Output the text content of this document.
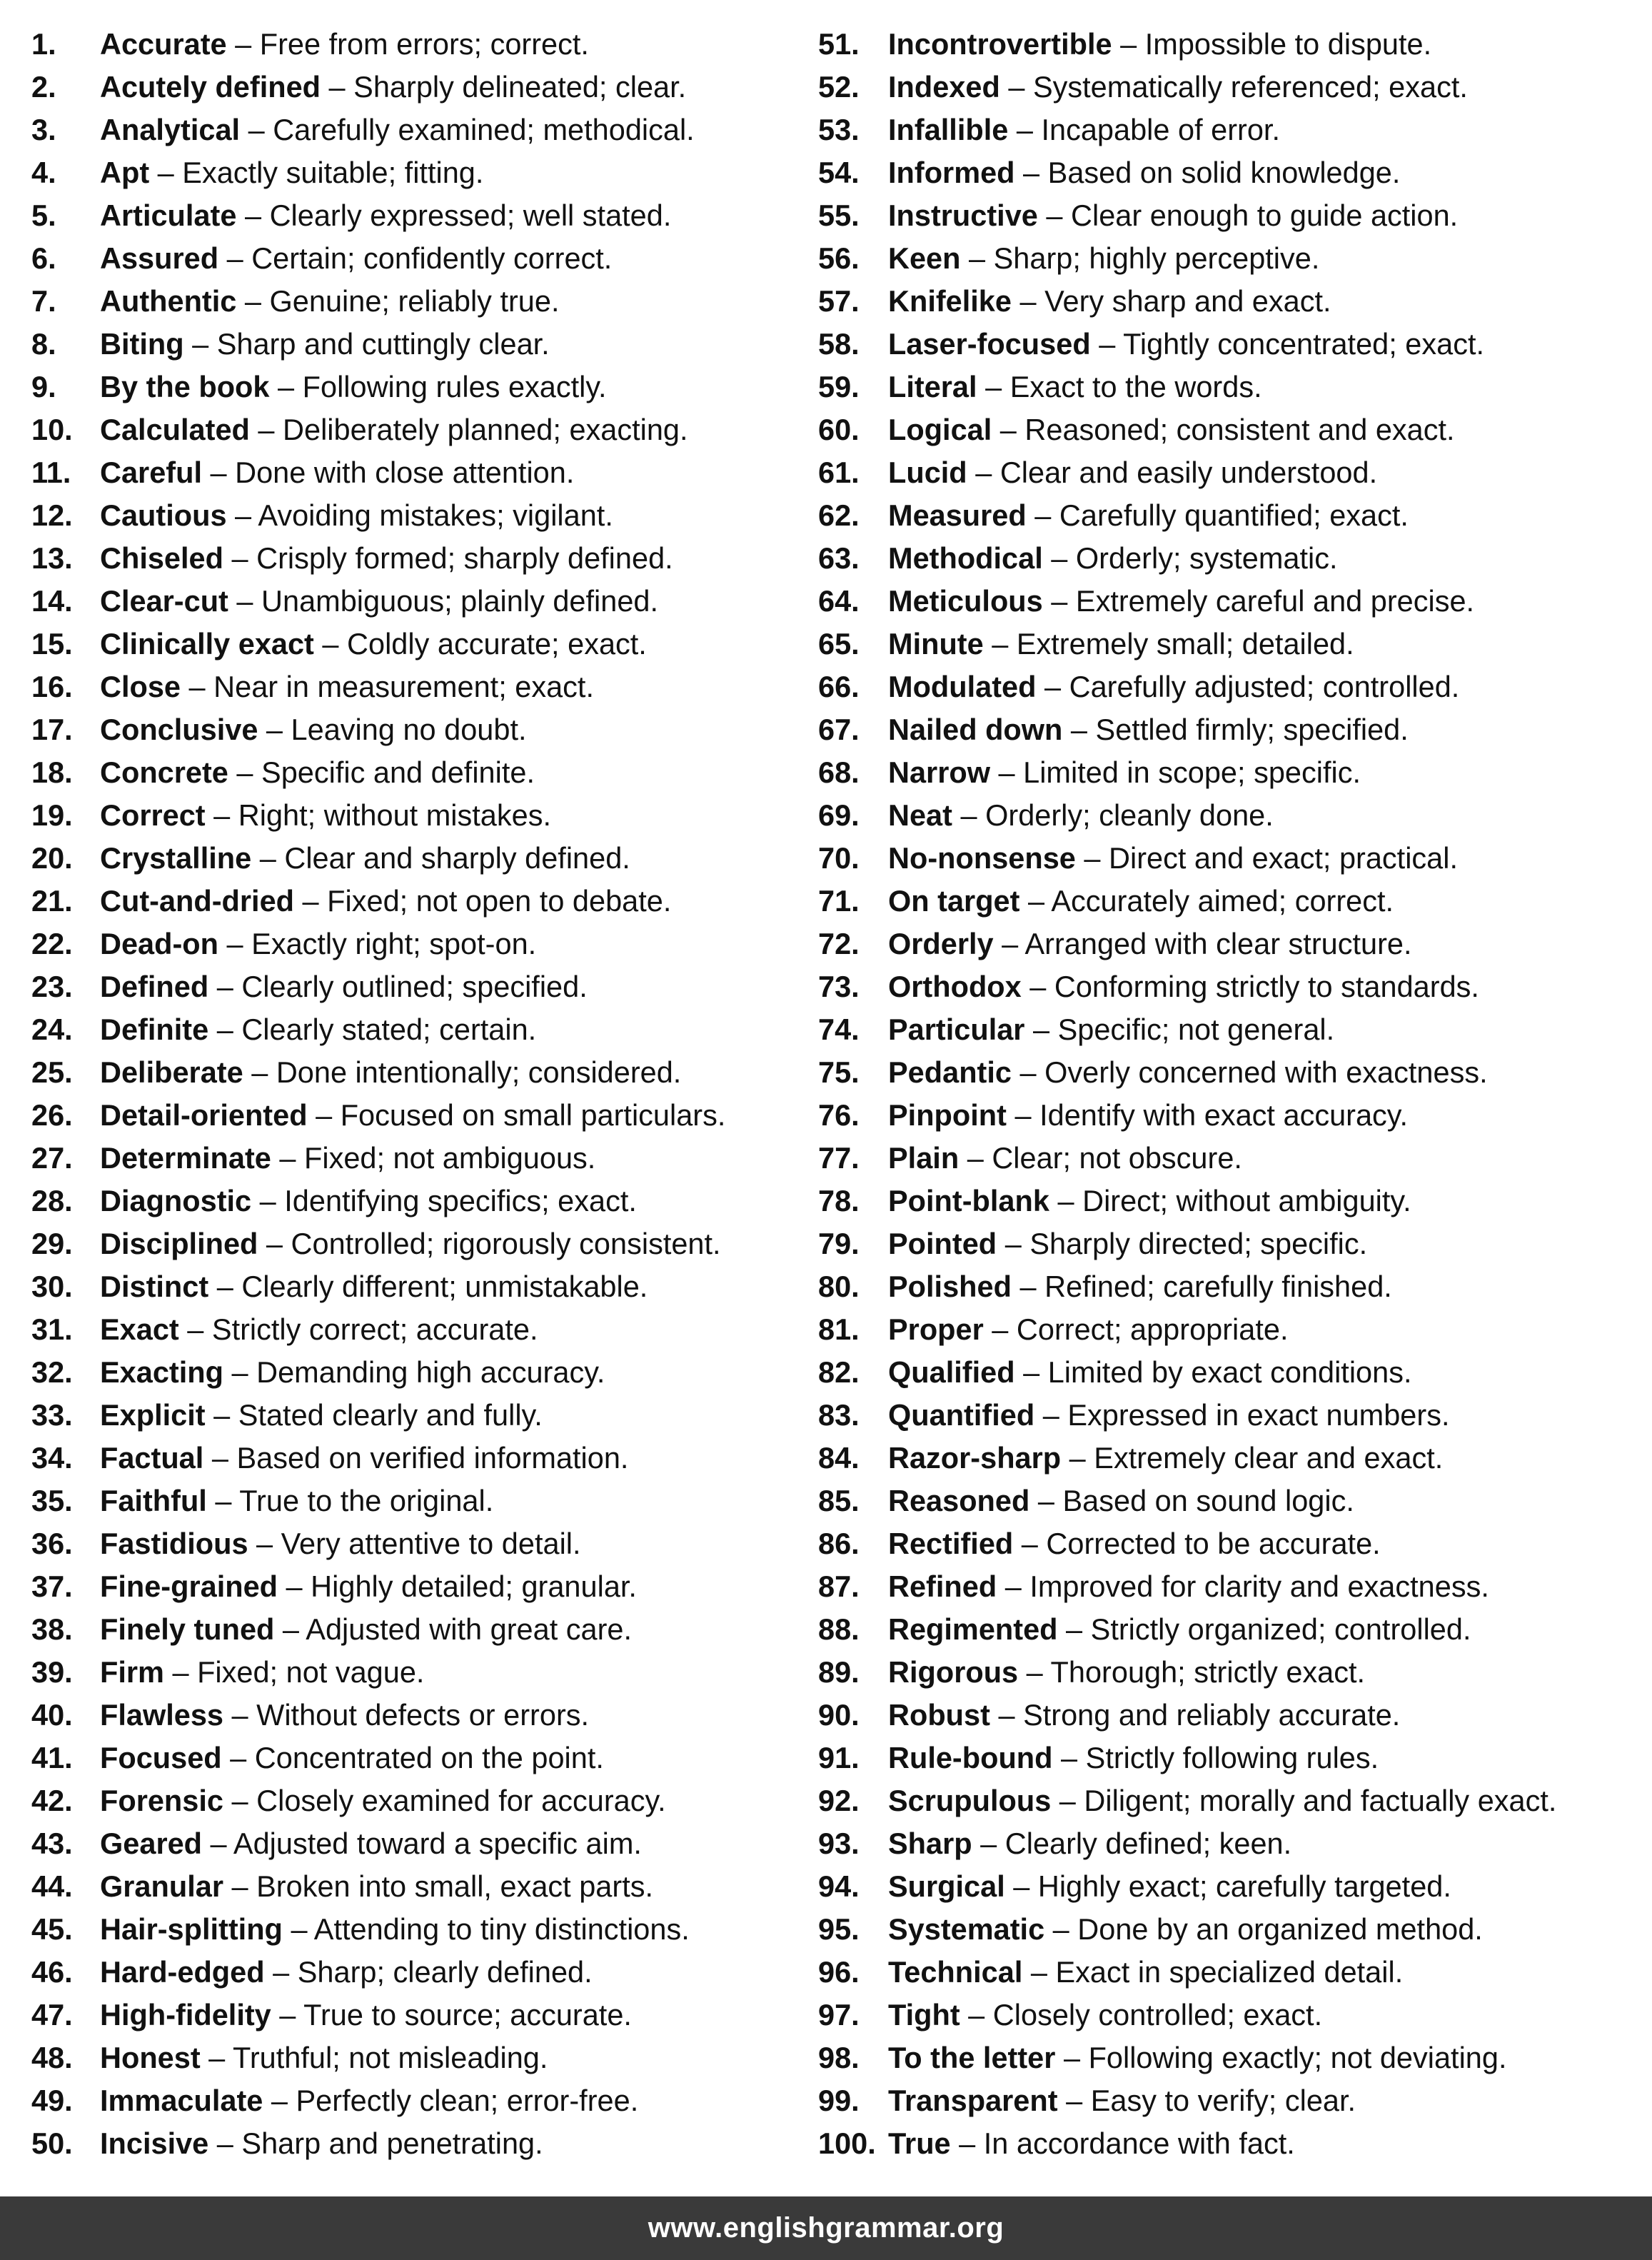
1. Accurate – Free from errors; correct.
2. Acutely defined – Sharply delineated; clear.
3. Analytical – Carefully examined; methodical.
4. Apt – Exactly suitable; fitting.
5. Articulate – Clearly expressed; well stated.
6. Assured – Certain; confidently correct.
7. Authentic – Genuine; reliably true.
8. Biting – Sharp and cuttingly clear.
9. By the book – Following rules exactly.
10. Calculated – Deliberately planned; exacting.
11. Careful – Done with close attention.
12. Cautious – Avoiding mistakes; vigilant.
13. Chiseled – Crisply formed; sharply defined.
14. Clear-cut – Unambiguous; plainly defined.
15. Clinically exact – Coldly accurate; exact.
16. Close – Near in measurement; exact.
17. Conclusive – Leaving no doubt.
18. Concrete – Specific and definite.
19. Correct – Right; without mistakes.
20. Crystalline – Clear and sharply defined.
21. Cut-and-dried – Fixed; not open to debate.
22. Dead-on – Exactly right; spot-on.
23. Defined – Clearly outlined; specified.
24. Definite – Clearly stated; certain.
25. Deliberate – Done intentionally; considered.
26. Detail-oriented – Focused on small particulars.
27. Determinate – Fixed; not ambiguous.
28. Diagnostic – Identifying specifics; exact.
29. Disciplined – Controlled; rigorously consistent.
30. Distinct – Clearly different; unmistakable.
31. Exact – Strictly correct; accurate.
32. Exacting – Demanding high accuracy.
33. Explicit – Stated clearly and fully.
34. Factual – Based on verified information.
35. Faithful – True to the original.
36. Fastidious – Very attentive to detail.
37. Fine-grained – Highly detailed; granular.
38. Finely tuned – Adjusted with great care.
39. Firm – Fixed; not vague.
40. Flawless – Without defects or errors.
41. Focused – Concentrated on the point.
42. Forensic – Closely examined for accuracy.
43. Geared – Adjusted toward a specific aim.
44. Granular – Broken into small, exact parts.
45. Hair-splitting – Attending to tiny distinctions.
46. Hard-edged – Sharp; clearly defined.
47. High-fidelity – True to source; accurate.
48. Honest – Truthful; not misleading.
49. Immaculate – Perfectly clean; error-free.
50. Incisive – Sharp and penetrating.
51. Incontrovertible – Impossible to dispute.
52. Indexed – Systematically referenced; exact.
53. Infallible – Incapable of error.
54. Informed – Based on solid knowledge.
55. Instructive – Clear enough to guide action.
56. Keen – Sharp; highly perceptive.
57. Knifelike – Very sharp and exact.
58. Laser-focused – Tightly concentrated; exact.
59. Literal – Exact to the words.
60. Logical – Reasoned; consistent and exact.
61. Lucid – Clear and easily understood.
62. Measured – Carefully quantified; exact.
63. Methodical – Orderly; systematic.
64. Meticulous – Extremely careful and precise.
65. Minute – Extremely small; detailed.
66. Modulated – Carefully adjusted; controlled.
67. Nailed down – Settled firmly; specified.
68. Narrow – Limited in scope; specific.
69. Neat – Orderly; cleanly done.
70. No-nonsense – Direct and exact; practical.
71. On target – Accurately aimed; correct.
72. Orderly – Arranged with clear structure.
73. Orthodox – Conforming strictly to standards.
74. Particular – Specific; not general.
75. Pedantic – Overly concerned with exactness.
76. Pinpoint – Identify with exact accuracy.
77. Plain – Clear; not obscure.
78. Point-blank – Direct; without ambiguity.
79. Pointed – Sharply directed; specific.
80. Polished – Refined; carefully finished.
81. Proper – Correct; appropriate.
82. Qualified – Limited by exact conditions.
83. Quantified – Expressed in exact numbers.
84. Razor-sharp – Extremely clear and exact.
85. Reasoned – Based on sound logic.
86. Rectified – Corrected to be accurate.
87. Refined – Improved for clarity and exactness.
88. Regimented – Strictly organized; controlled.
89. Rigorous – Thorough; strictly exact.
90. Robust – Strong and reliably accurate.
91. Rule-bound – Strictly following rules.
92. Scrupulous – Diligent; morally and factually exact.
93. Sharp – Clearly defined; keen.
94. Surgical – Highly exact; carefully targeted.
95. Systematic – Done by an organized method.
96. Technical – Exact in specialized detail.
97. Tight – Closely controlled; exact.
98. To the letter – Following exactly; not deviating.
99. Transparent – Easy to verify; clear.
100. True – In accordance with fact.
www.englishgrammar.org
